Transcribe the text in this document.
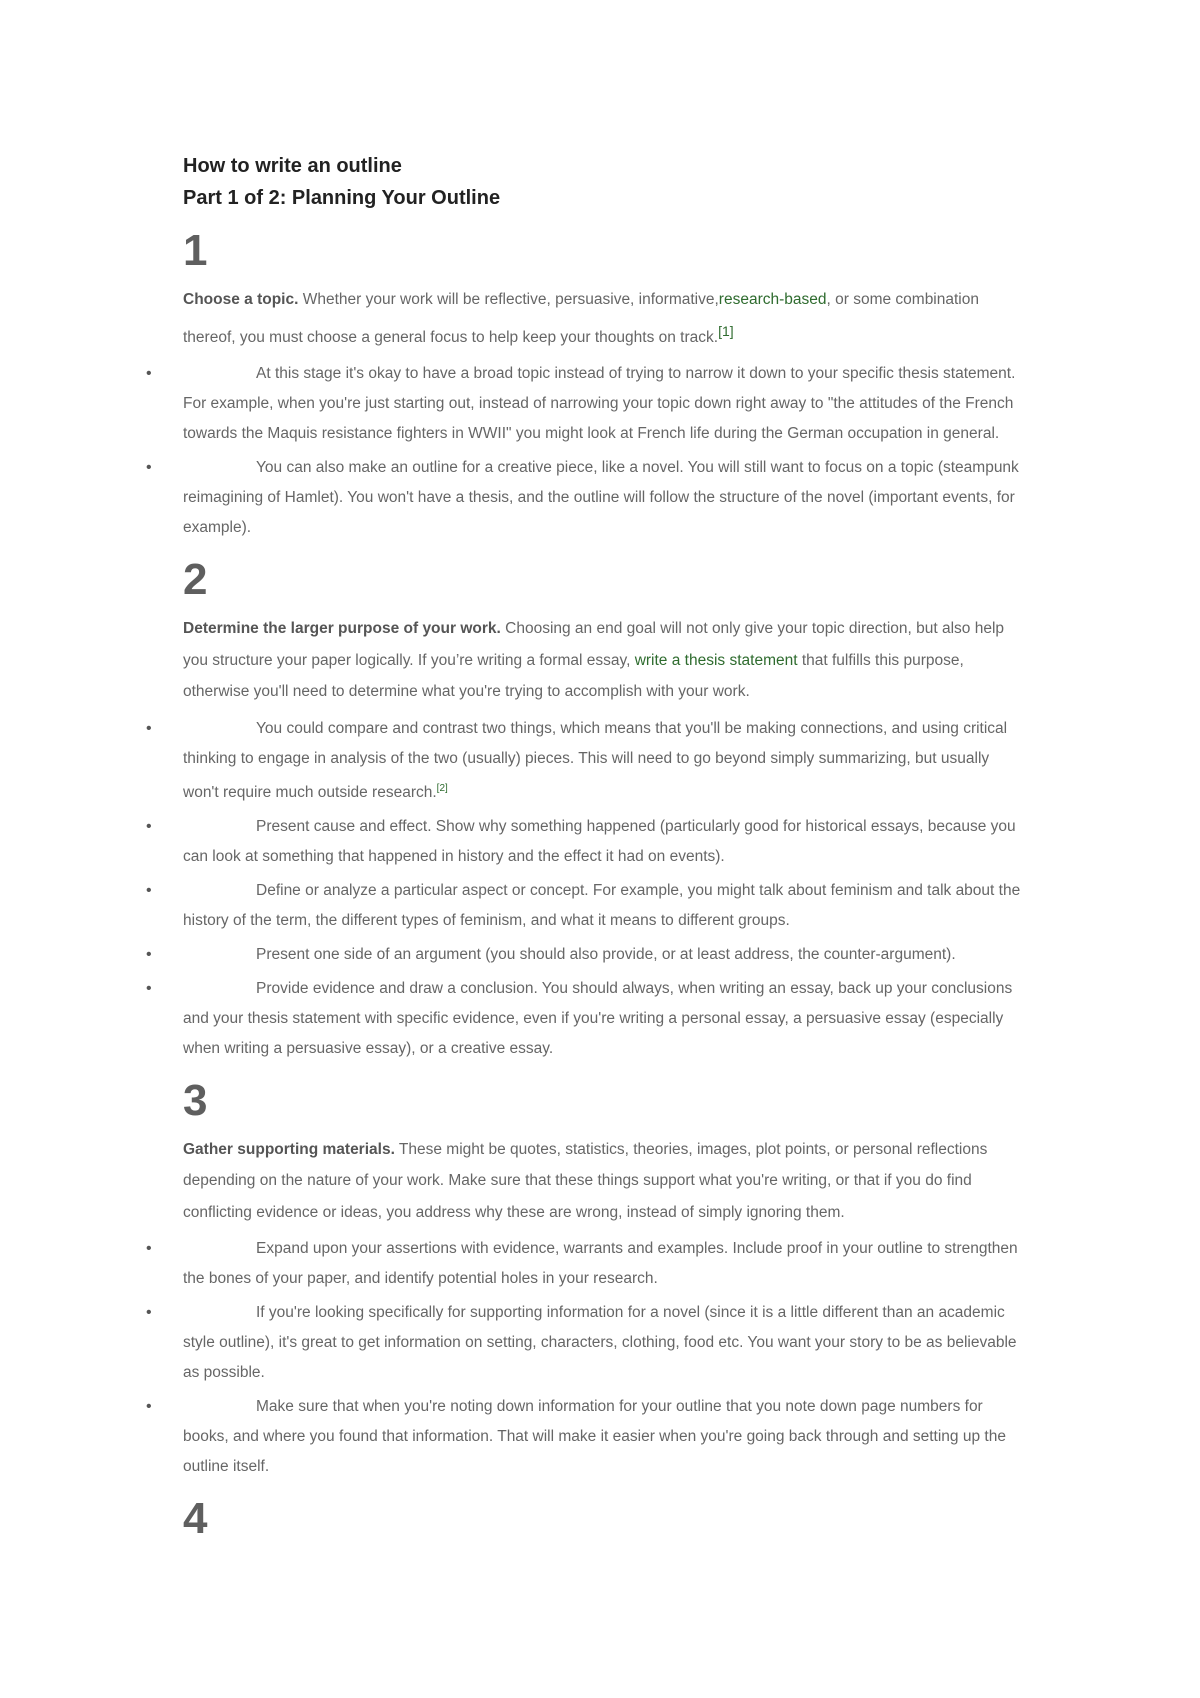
How to write an outline
Part 1 of 2: Planning Your Outline
1

Choose a topic. Whether your work will be reflective, persuasive, informative,research-based, or some combination thereof, you must choose a general focus to help keep your thoughts on track.[1]

• At this stage it's okay to have a broad topic instead of trying to narrow it down to your specific thesis statement. For example, when you're just starting out, instead of narrowing your topic down right away to "the attitudes of the French towards the Maquis resistance fighters in WWII" you might look at French life during the German occupation in general.
• You can also make an outline for a creative piece, like a novel. You will still want to focus on a topic (steampunk reimagining of Hamlet). You won't have a thesis, and the outline will follow the structure of the novel (important events, for example).
2

Determine the larger purpose of your work. Choosing an end goal will not only give your topic direction, but also help you structure your paper logically. If you’re writing a formal essay, write a thesis statement that fulfills this purpose, otherwise you'll need to determine what you're trying to accomplish with your work.

• You could compare and contrast two things, which means that you'll be making connections, and using critical thinking to engage in analysis of the two (usually) pieces. This will need to go beyond simply summarizing, but usually won't require much outside research.[2]
• Present cause and effect. Show why something happened (particularly good for historical essays, because you can look at something that happened in history and the effect it had on events).
• Define or analyze a particular aspect or concept. For example, you might talk about feminism and talk about the history of the term, the different types of feminism, and what it means to different groups.
• Present one side of an argument (you should also provide, or at least address, the counter-argument).
• Provide evidence and draw a conclusion. You should always, when writing an essay, back up your conclusions and your thesis statement with specific evidence, even if you're writing a personal essay, a persuasive essay (especially when writing a persuasive essay), or a creative essay.
3

Gather supporting materials. These might be quotes, statistics, theories, images, plot points, or personal reflections depending on the nature of your work. Make sure that these things support what you're writing, or that if you do find conflicting evidence or ideas, you address why these are wrong, instead of simply ignoring them.

• Expand upon your assertions with evidence, warrants and examples. Include proof in your outline to strengthen the bones of your paper, and identify potential holes in your research.
• If you're looking specifically for supporting information for a novel (since it is a little different than an academic style outline), it's great to get information on setting, characters, clothing, food etc. You want your story to be as believable as possible.
• Make sure that when you're noting down information for your outline that you note down page numbers for books, and where you found that information. That will make it easier when you're going back through and setting up the outline itself.
4
